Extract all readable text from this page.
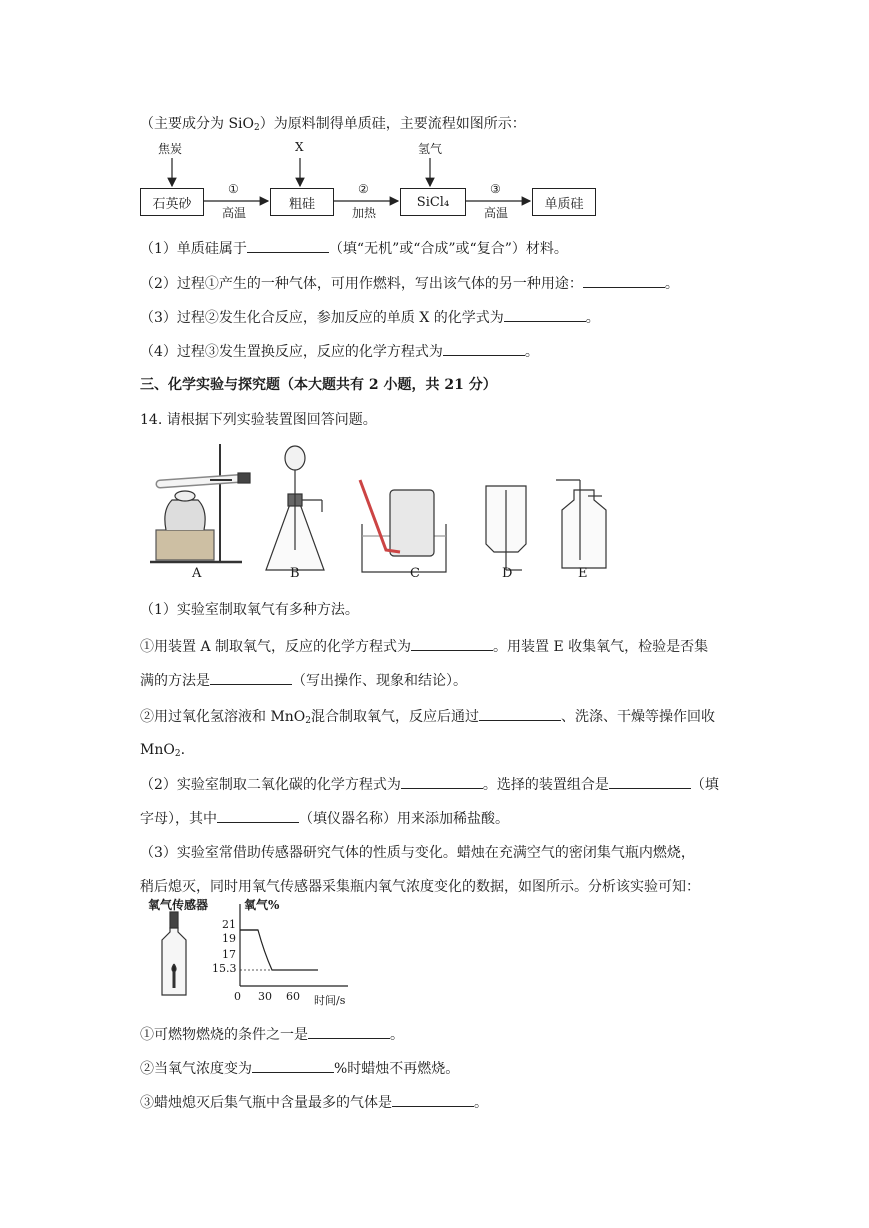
（主要成分为 SiO$_2$）为原料制得单质硅，主要流程如图所示：
焦炭	X	氢气
石英砂	粗硅	SiCl₄	单质硅
①	②	③
高温	加热	高温
（1）单质硅属于	（填“无机”或“合成”或“复合”）材料。
（2）过程①产生的一种气体，可用作燃料，写出该气体的另一种用途：	。
（3）过程②发生化合反应，参加反应的单质 X 的化学式为	。
（4）过程③发生置换反应，反应的化学方程式为	。
三、化学实验与探究题（本大题共有 2 小题，共 21 分）
14. 请根据下列实验装置图回答问题。
A	B	C	D	E
（1）实验室制取氧气有多种方法。
①用装置 A 制取氧气，反应的化学方程式为	。用装置 E 收集氧气，检验是否集
满的方法是	（写出操作、现象和结论）。
②用过氧化氢溶液和 MnO$_2$混合制取氧气，反应后通过	、洗涤、干燥等操作回收
MnO$_2$.
（2）实验室制取二氧化碳的化学方程式为	。选择的装置组合是	（填
字母），其中	（填仪器名称）用来添加稀盐酸。
（3）实验室常借助传感器研究气体的性质与变化。蜡烛在充满空气的密闭集气瓶内燃烧，
稍后熄灭，同时用氧气传感器采集瓶内氧气浓度变化的数据，如图所示。分析该实验可知：
氧气传感器	氧气%
21
19
17
15.3
0 30 60 时间/s
①可燃物燃烧的条件之一是	。
②当氧气浓度变为	%时蜡烛不再燃烧。
③蜡烛熄灭后集气瓶中含量最多的气体是	。
